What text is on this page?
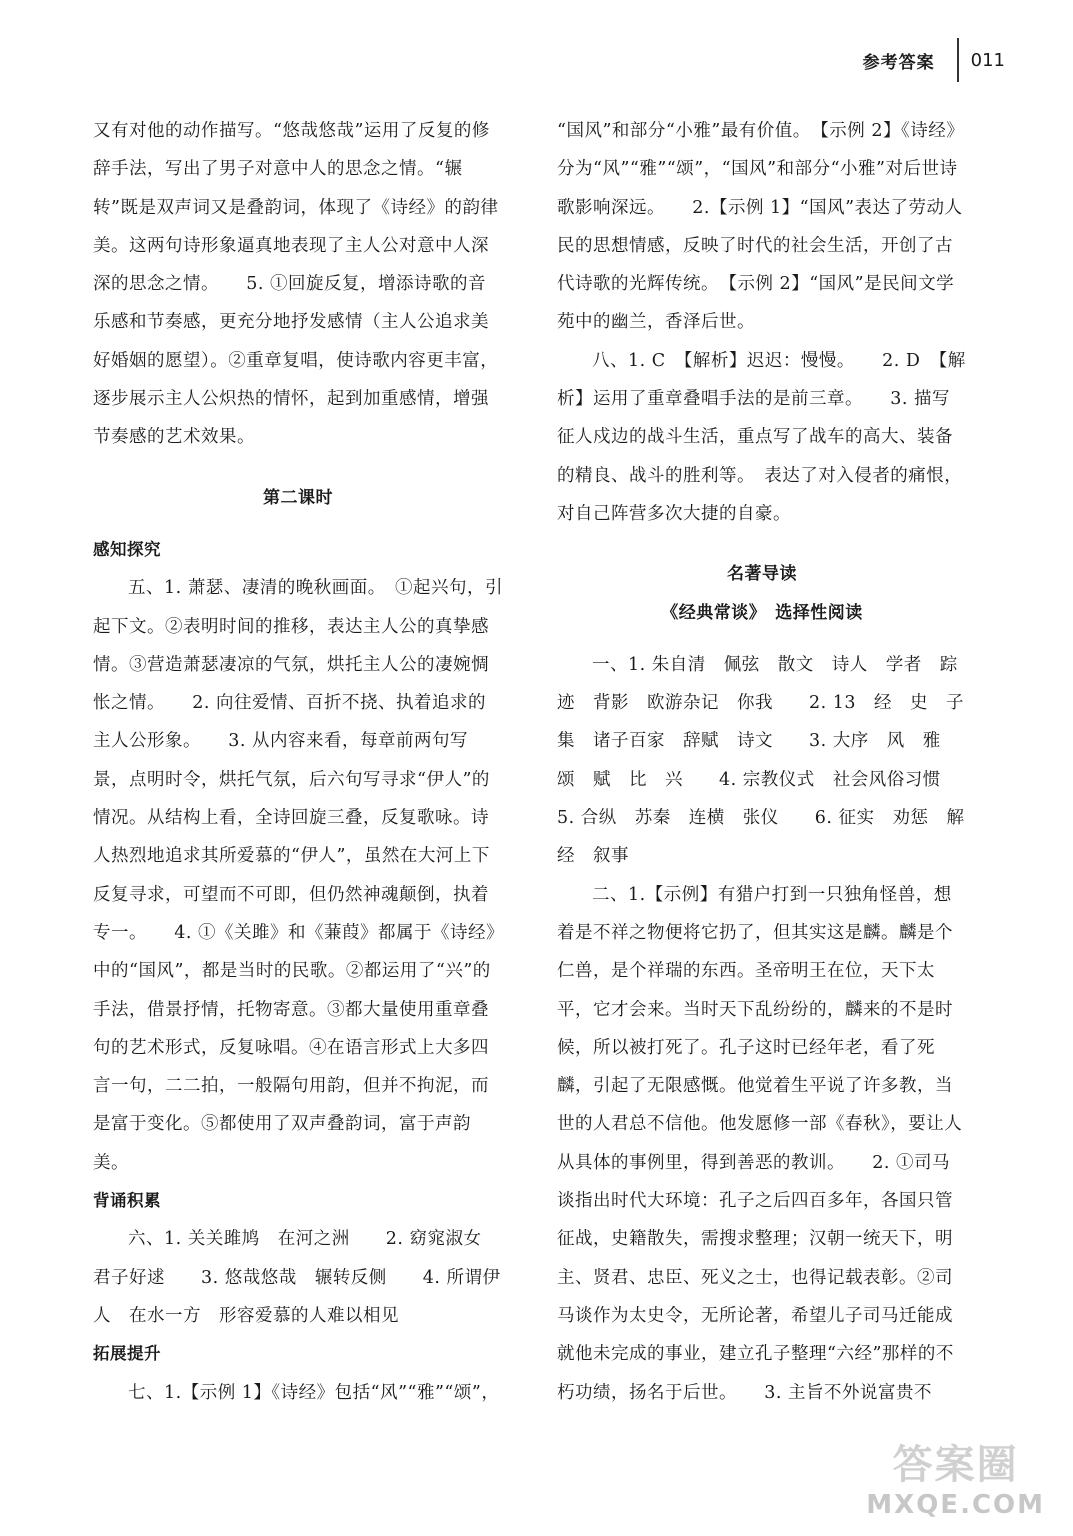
参考答案 011

又有对他的动作描写。“悠哉悠哉”运用了反复的修辞手法，写出了男子对意中人的思念之情。“辗转”既是双声词又是叠韵词，体现了《诗经》的韵律美。这两句诗形象逼真地表现了主人公对意中人深深的思念之情。　　5. ①回旋反复，增添诗歌的音乐感和节奏感，更充分地抒发感情（主人公追求美好婚姻的愿望）。②重章复唱，使诗歌内容更丰富，逐步展示主人公炽热的情怀，起到加重感情，增强节奏感的艺术效果。

第二课时

感知探究

五、1. 萧瑟、凄清的晚秋画面。　①起兴句，引起下文。②表明时间的推移，表达主人公的真挚感情。③营造萧瑟凄凉的气氛，烘托主人公的凄婉惆怅之情。　　2. 向往爱情、百折不挠、执着追求的主人公形象。　　3. 从内容来看，每章前两句写景，点明时令，烘托气氛，后六句写寻求“伊人”的情况。从结构上看，全诗回旋三叠，反复歌咏。诗人热烈地追求其所爱慕的“伊人”，虽然在大河上下反复寻求，可望而不可即，但仍然神魂颠倒，执着专一。　　4. ①《关雎》和《蒹葭》都属于《诗经》中的“国风”，都是当时的民歌。②都运用了“兴”的手法，借景抒情，托物寄意。③都大量使用重章叠句的艺术形式，反复咏唱。④在语言形式上大多四言一句，二二拍，一般隔句用韵，但并不拘泥，而是富于变化。⑤都使用了双声叠韵词，富于声韵美。

背诵积累

六、1. 关关雎鸠　在河之洲　　2. 窈窕淑女　君子好逑　　3. 悠哉悠哉　辗转反侧　　4. 所谓伊人　在水一方　形容爱慕的人难以相见

拓展提升

七、1.【示例 1】《诗经》包括“风”“雅”“颂”，

“国风”和部分“小雅”最有价值。　【示例 2】《诗经》分为“风”“雅”“颂”，“国风”和部分“小雅”对后世诗歌影响深远。　　2.【示例 1】“国风”表达了劳动人民的思想情感，反映了时代的社会生活，开创了古代诗歌的光辉传统。　【示例 2】“国风”是民间文学苑中的幽兰，香泽后世。

八、1. C　【解析】迟迟：慢慢。　　2. D　【解析】运用了重章叠唱手法的是前三章。　　3. 描写征人戍边的战斗生活，重点写了战车的高大、装备的精良、战斗的胜利等。　表达了对入侵者的痛恨，对自己阵营多次大捷的自豪。

名著导读

《经典常谈》　选择性阅读

一、1. 朱自清　佩弦　散文　诗人　学者　踪迹　背影　欧游杂记　你我　　2. 13　经　史　子　集　诸子百家　辞赋　诗文　　3. 大序　风　雅　颂　赋　比　兴　　4. 宗教仪式　社会风俗习惯　　5. 合纵　苏秦　连横　张仪　　6. 征实　劝惩　解经　叙事

二、1.【示例】有猎户打到一只独角怪兽，想着是不祥之物便将它扔了，但其实这是麟。麟是个仁兽，是个祥瑞的东西。圣帝明王在位，天下太平，它才会来。当时天下乱纷纷的，麟来的不是时候，所以被打死了。孔子这时已经年老，看了死麟，引起了无限感慨。他觉着生平说了许多教，当世的人君总不信他。他发愿修一部《春秋》，要让人从具体的事例里，得到善恶的教训。　　2. ①司马谈指出时代大环境：孔子之后四百多年，各国只管征战，史籍散失，需搜求整理；汉朝一统天下，明主、贤君、忠臣、死义之士，也得记载表彰。②司马谈作为太史令，无所论著，希望儿子司马迁能成就他未完成的事业，建立孔子整理“六经”那样的不朽功绩，扬名于后世。　　3. 主旨不外说富贵不

答案圈
MXQE.COM
